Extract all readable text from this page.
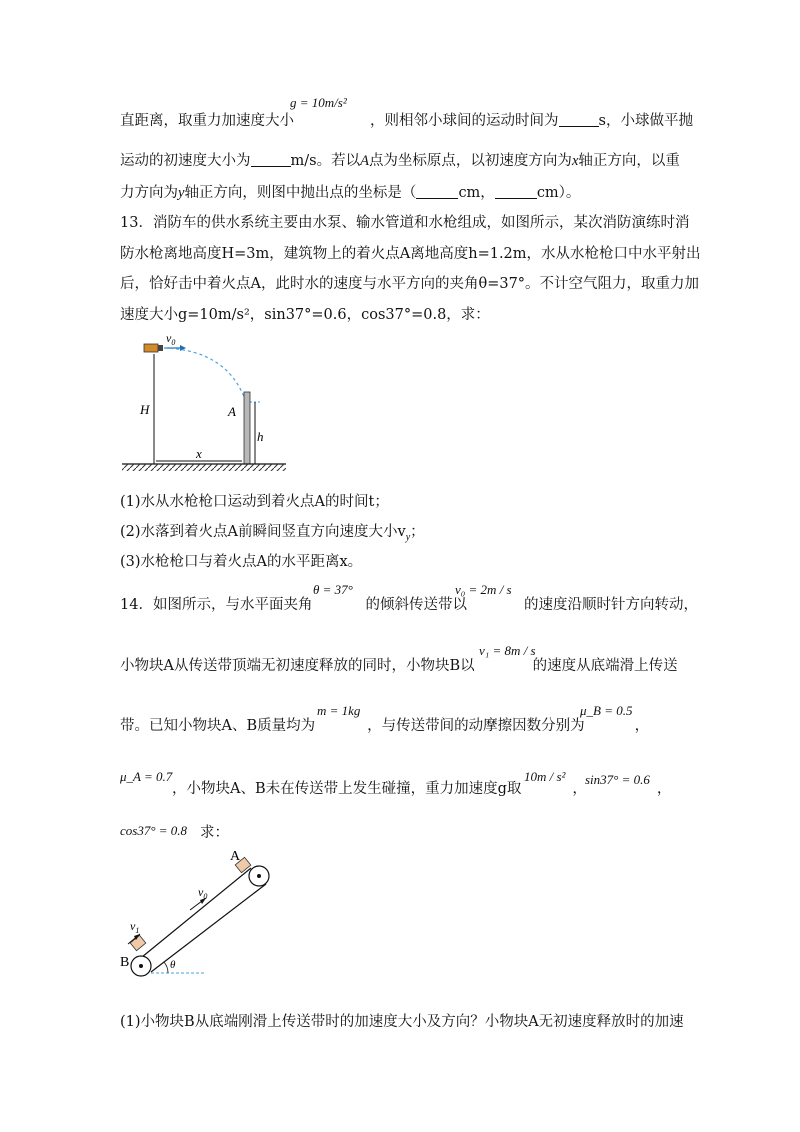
g = 10m/s²
直距离，取重力加速度大小	，则相邻小球间的运动时间为	s，小球做平抛
运动的初速度大小为	m/s。若以A点为坐标原点，以初速度方向为x轴正方向，以重
力方向为y轴正方向，则图中抛出点的坐标是（	cm，	cm）。
13．消防车的供水系统主要由水泵、输水管道和水枪组成，如图所示，某次消防演练时消
防水枪离地高度H=3m，建筑物上的着火点A离地高度h=1.2m，水从水枪枪口中水平射出
后，恰好击中着火点A，此时水的速度与水平方向的夹角θ=37°。不计空气阻力，取重力加
速度大小g=10m/s²，sin37°=0.6，cos37°=0.8，求：
$v_0$
H	A
h
x
(1)水从水枪枪口运动到着火点A的时间t；
(2)水落到着火点A前瞬间竖直方向速度大小$v_y$；
(3)水枪枪口与着火点A的水平距离x。
θ = 37°	v₀ = 2m / s
14．如图所示，与水平面夹角	的倾斜传送带以	的速度沿顺时针方向转动，
v₁ = 8m / s
小物块A从传送带顶端无初速度释放的同时，小物块B以	的速度从底端滑上传送
m = 1kg	μ_B = 0.5
带。已知小物块A、B质量均为	，与传送带间的动摩擦因数分别为	，
μ_A = 0.7	10m / s² sin37° = 0.6
，小物块A、B未在传送带上发生碰撞，重力加速度g取	，	，
cos37° = 0.8 求：
A
B
$v_0$
$v_1$
θ
(1)小物块B从底端刚滑上传送带时的加速度大小及方向？小物块A无初速度释放时的加速
